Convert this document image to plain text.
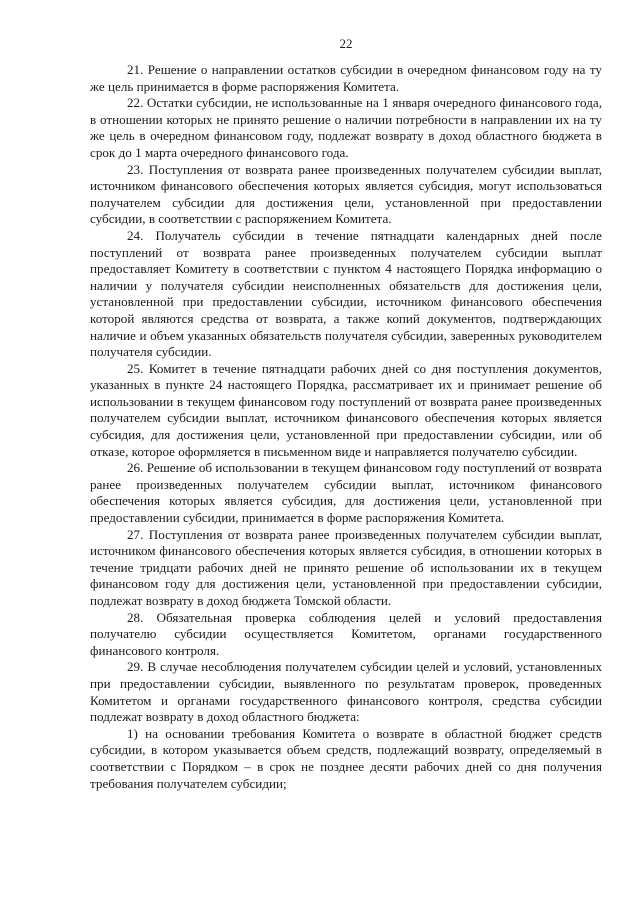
22

21. Решение о направлении остатков субсидии в очередном финансовом году на ту же цель принимается в форме распоряжения Комитета.

22. Остатки субсидии, не использованные на 1 января очередного финансового года, в отношении которых не принято решение о наличии потребности в направлении их на ту же цель в очередном финансовом году, подлежат возврату в доход областного бюджета в срок до 1 марта очередного финансового года.

23. Поступления от возврата ранее произведенных получателем субсидии выплат, источником финансового обеспечения которых является субсидия, могут использоваться получателем субсидии для достижения цели, установленной при предоставлении субсидии, в соответствии с распоряжением Комитета.

24. Получатель субсидии в течение пятнадцати календарных дней после поступлений от возврата ранее произведенных получателем субсидии выплат предоставляет Комитету в соответствии с пунктом 4 настоящего Порядка информацию о наличии у получателя субсидии неисполненных обязательств для достижения цели, установленной при предоставлении субсидии, источником финансового обеспечения которой являются средства от возврата, а также копий документов, подтверждающих наличие и объем указанных обязательств получателя субсидии, заверенных руководителем получателя субсидии.

25. Комитет в течение пятнадцати рабочих дней со дня поступления документов, указанных в пункте 24 настоящего Порядка, рассматривает их и принимает решение об использовании в текущем финансовом году поступлений от возврата ранее произведенных получателем субсидии выплат, источником финансового обеспечения которых является субсидия, для достижения цели, установленной при предоставлении субсидии, или об отказе, которое оформляется в письменном виде и направляется получателю субсидии.

26. Решение об использовании в текущем финансовом году поступлений от возврата ранее произведенных получателем субсидии выплат, источником финансового обеспечения которых является субсидия, для достижения цели, установленной при предоставлении субсидии, принимается в форме распоряжения Комитета.

27. Поступления от возврата ранее произведенных получателем субсидии выплат, источником финансового обеспечения которых является субсидия, в отношении которых в течение тридцати рабочих дней не принято решение об использовании их в текущем финансовом году для достижения цели, установленной при предоставлении субсидии, подлежат возврату в доход бюджета Томской области.

28. Обязательная проверка соблюдения целей и условий предоставления получателю субсидии осуществляется Комитетом, органами государственного финансового контроля.

29. В случае несоблюдения получателем субсидии целей и условий, установленных при предоставлении субсидии, выявленного по результатам проверок, проведенных Комитетом и органами государственного финансового контроля, средства субсидии подлежат возврату в доход областного бюджета:

1) на основании требования Комитета о возврате в областной бюджет средств субсидии, в котором указывается объем средств, подлежащий возврату, определяемый в соответствии с Порядком – в срок не позднее десяти рабочих дней со дня получения требования получателем субсидии;
